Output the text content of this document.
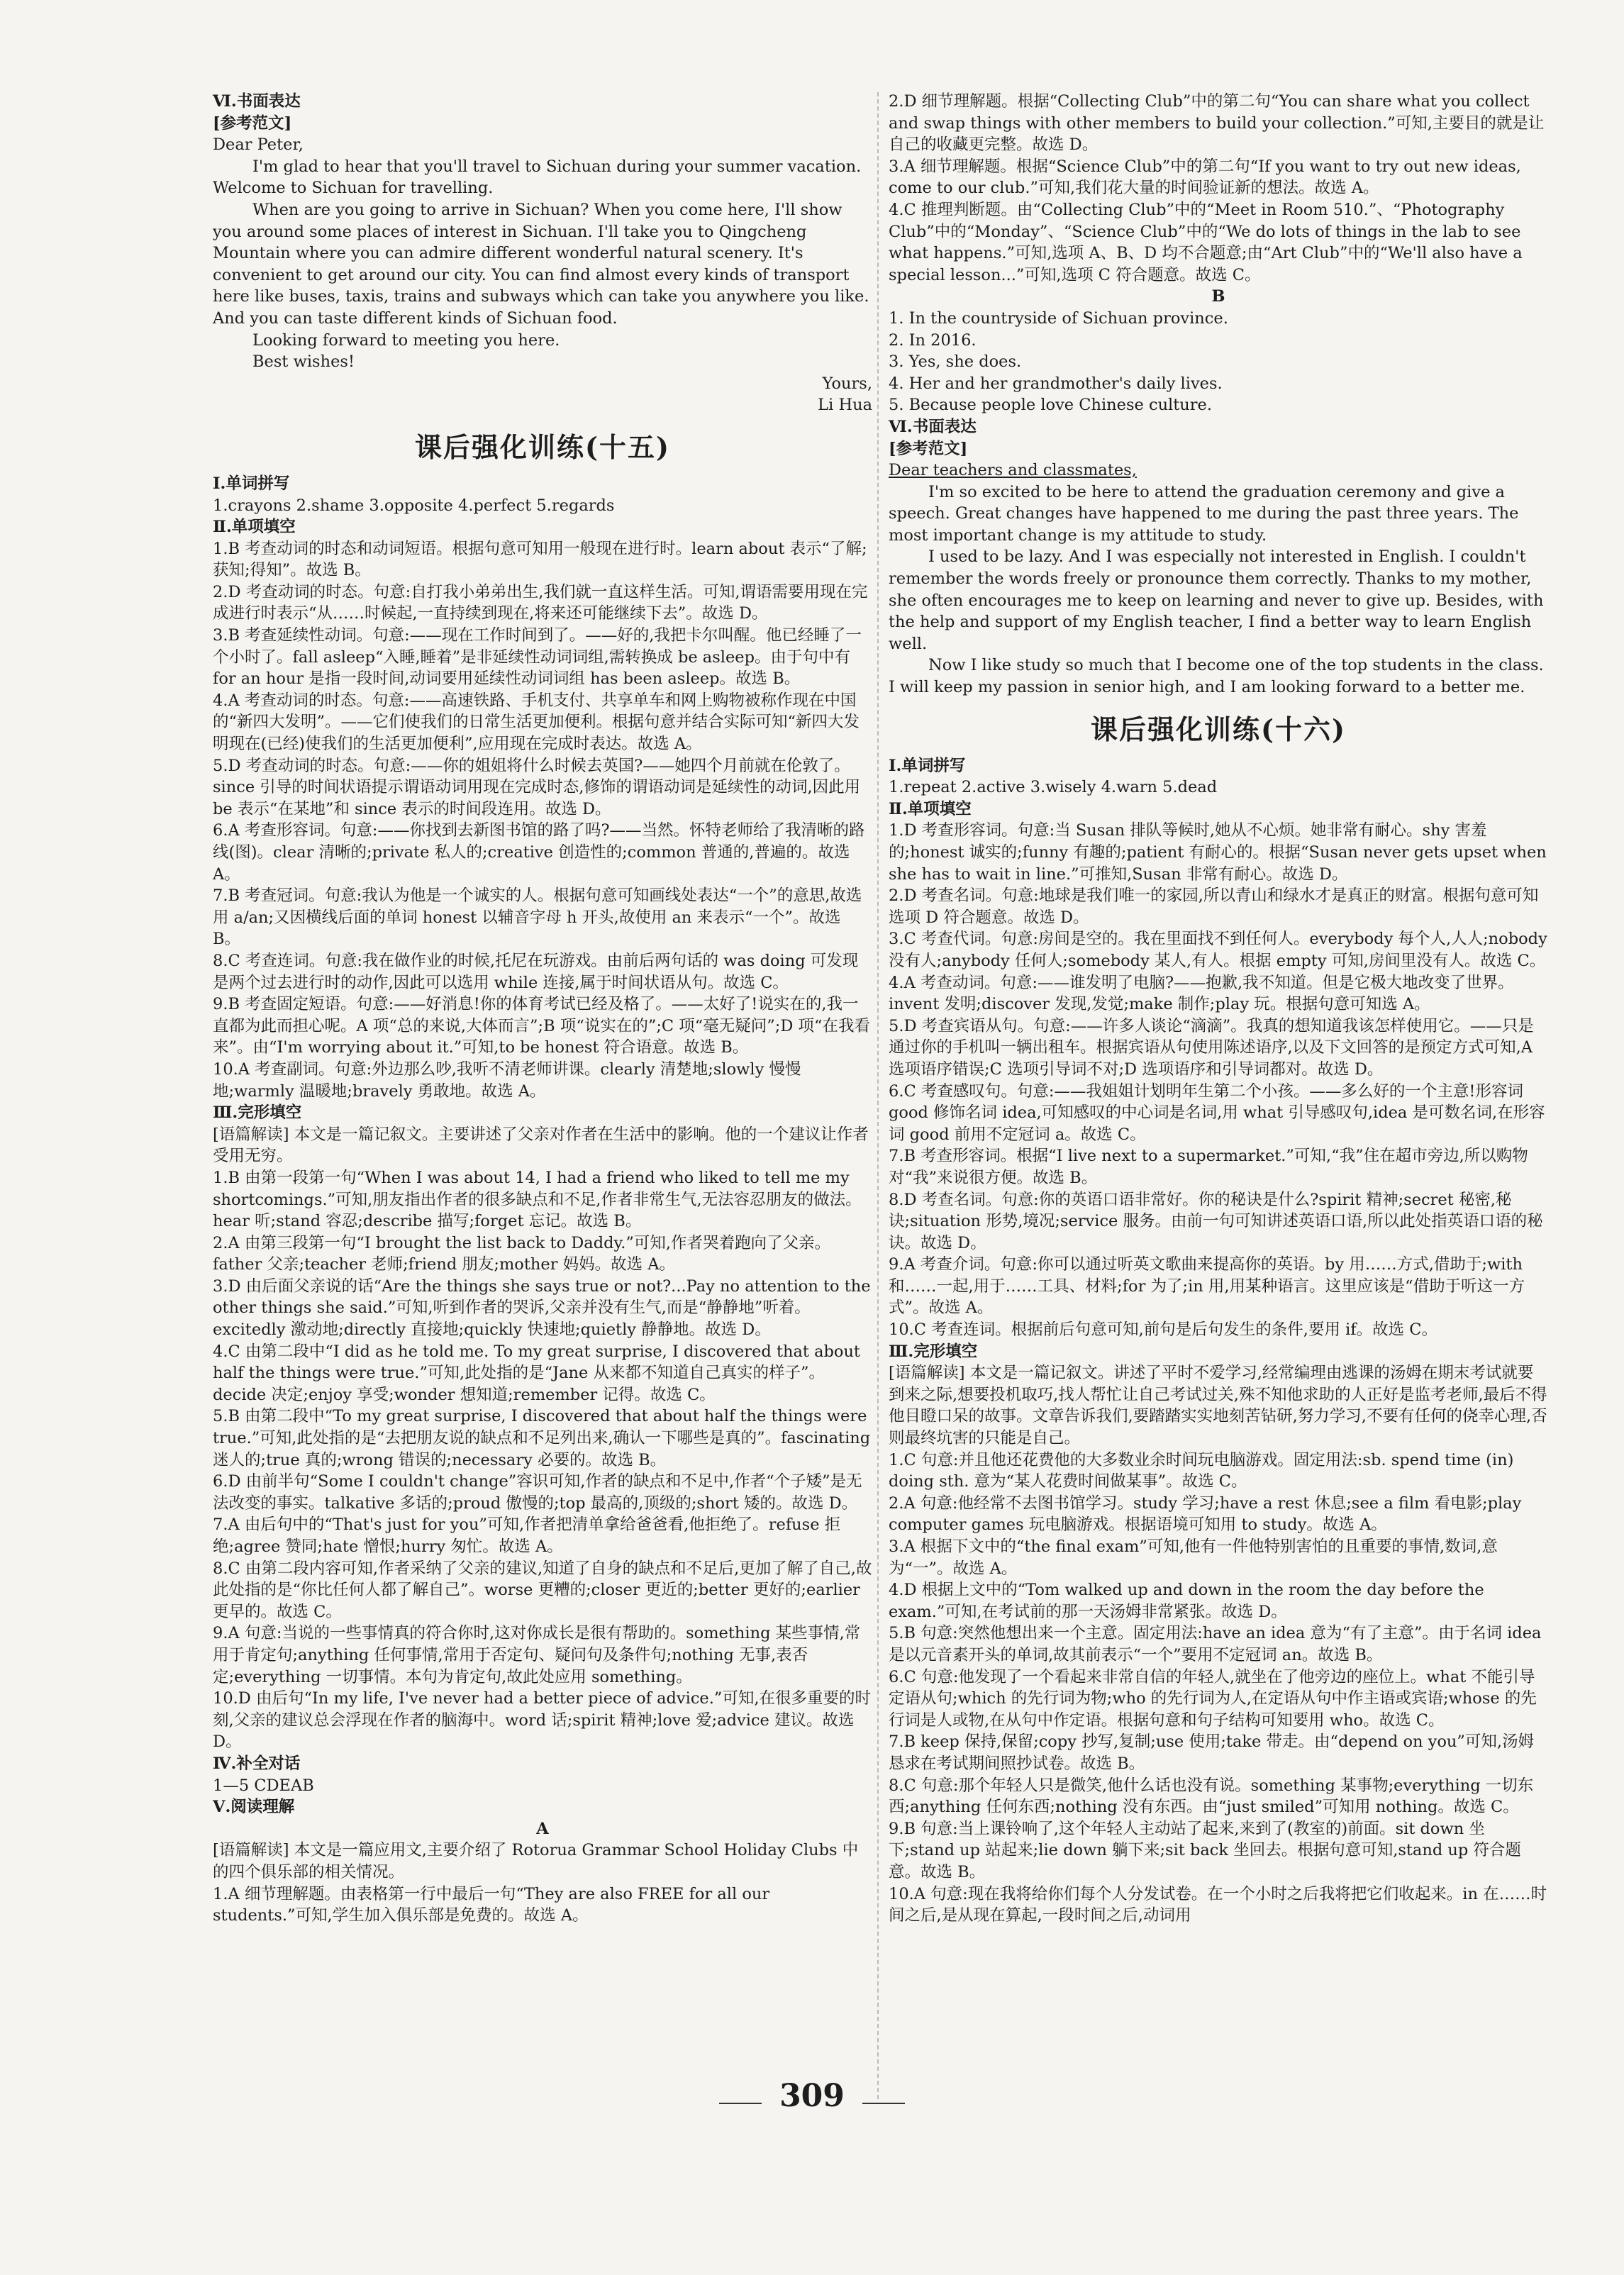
Ⅵ.书面表达

[参考范文]

Dear Peter,

I'm glad to hear that you'll travel to Sichuan during your summer vacation. Welcome to Sichuan for travelling.

When are you going to arrive in Sichuan? When you come here, I'll show you around some places of interest in Sichuan. I'll take you to Qingcheng Mountain where you can admire different wonderful natural scenery. It's convenient to get around our city. You can find almost every kinds of transport here like buses, taxis, trains and subways which can take you anywhere you like. And you can taste different kinds of Sichuan food.

Looking forward to meeting you here.

Best wishes!

Yours,

Li Hua

课后强化训练(十五)

Ⅰ.单词拼写

1.crayons 2.shame 3.opposite 4.perfect 5.regards

Ⅱ.单项填空

1.B 考查动词的时态和动词短语。根据句意可知用一般现在进行时。learn about 表示“了解;获知;得知”。故选 B。

2.D 考查动词的时态。句意:自打我小弟弟出生,我们就一直这样生活。可知,谓语需要用现在完成进行时表示“从……时候起,一直持续到现在,将来还可能继续下去”。故选 D。

3.B 考查延续性动词。句意:——现在工作时间到了。——好的,我把卡尔叫醒。他已经睡了一个小时了。fall asleep“入睡,睡着”是非延续性动词词组,需转换成 be asleep。由于句中有 for an hour 是指一段时间,动词要用延续性动词词组 has been asleep。故选 B。

4.A 考查动词的时态。句意:——高速铁路、手机支付、共享单车和网上购物被称作现在中国的“新四大发明”。——它们使我们的日常生活更加便利。根据句意并结合实际可知“新四大发明现在(已经)使我们的生活更加便利”,应用现在完成时表达。故选 A。

5.D 考查动词的时态。句意:——你的姐姐将什么时候去英国?——她四个月前就在伦敦了。since 引导的时间状语提示谓语动词用现在完成时态,修饰的谓语动词是延续性的动词,因此用 be 表示“在某地”和 since 表示的时间段连用。故选 D。

6.A 考查形容词。句意:——你找到去新图书馆的路了吗?——当然。怀特老师给了我清晰的路线(图)。clear 清晰的;private 私人的;creative 创造性的;common 普通的,普遍的。故选 A。

7.B 考查冠词。句意:我认为他是一个诚实的人。根据句意可知画线处表达“一个”的意思,故选用 a/an;又因横线后面的单词 honest 以辅音字母 h 开头,故使用 an 来表示“一个”。故选 B。

8.C 考查连词。句意:我在做作业的时候,托尼在玩游戏。由前后两句话的 was doing 可发现是两个过去进行时的动作,因此可以选用 while 连接,属于时间状语从句。故选 C。

9.B 考查固定短语。句意:——好消息!你的体育考试已经及格了。——太好了!说实在的,我一直都为此而担心呢。A 项“总的来说,大体而言”;B 项“说实在的”;C 项“毫无疑问”;D 项“在我看来”。由“I'm worrying about it.”可知,to be honest 符合语意。故选 B。

10.A 考查副词。句意:外边那么吵,我听不清老师讲课。clearly 清楚地;slowly 慢慢地;warmly 温暖地;bravely 勇敢地。故选 A。

Ⅲ.完形填空

[语篇解读] 本文是一篇记叙文。主要讲述了父亲对作者在生活中的影响。他的一个建议让作者受用无穷。

1.B 由第一段第一句“When I was about 14, I had a friend who liked to tell me my shortcomings.”可知,朋友指出作者的很多缺点和不足,作者非常生气,无法容忍朋友的做法。hear 听;stand 容忍;describe 描写;forget 忘记。故选 B。

2.A 由第三段第一句“I brought the list back to Daddy.”可知,作者哭着跑向了父亲。father 父亲;teacher 老师;friend 朋友;mother 妈妈。故选 A。

3.D 由后面父亲说的话“Are the things she says true or not?...Pay no attention to the other things she said.”可知,听到作者的哭诉,父亲并没有生气,而是“静静地”听着。excitedly 激动地;directly 直接地;quickly 快速地;quietly 静静地。故选 D。

4.C 由第二段中“I did as he told me. To my great surprise, I discovered that about half the things were true.”可知,此处指的是“Jane 从来都不知道自己真实的样子”。decide 决定;enjoy 享受;wonder 想知道;remember 记得。故选 C。

5.B 由第二段中“To my great surprise, I discovered that about half the things were true.”可知,此处指的是“去把朋友说的缺点和不足列出来,确认一下哪些是真的”。fascinating 迷人的;true 真的;wrong 错误的;necessary 必要的。故选 B。

6.D 由前半句“Some I couldn't change”容识可知,作者的缺点和不足中,作者“个子矮”是无法改变的事实。talkative 多话的;proud 傲慢的;top 最高的,顶级的;short 矮的。故选 D。

7.A 由后句中的“That's just for you”可知,作者把清单拿给爸爸看,他拒绝了。refuse 拒绝;agree 赞同;hate 憎恨;hurry 匆忙。故选 A。

8.C 由第二段内容可知,作者采纳了父亲的建议,知道了自身的缺点和不足后,更加了解了自己,故此处指的是“你比任何人都了解自己”。worse 更糟的;closer 更近的;better 更好的;earlier 更早的。故选 C。

9.A 句意:当说的一些事情真的符合你时,这对你成长是很有帮助的。something 某些事情,常用于肯定句;anything 任何事情,常用于否定句、疑问句及条件句;nothing 无事,表否定;everything 一切事情。本句为肯定句,故此处应用 something。

10.D 由后句“In my life, I've never had a better piece of advice.”可知,在很多重要的时刻,父亲的建议总会浮现在作者的脑海中。word 话;spirit 精神;love 爱;advice 建议。故选 D。

Ⅳ.补全对话

1—5 CDEAB

Ⅴ.阅读理解

A

[语篇解读] 本文是一篇应用文,主要介绍了 Rotorua Grammar School Holiday Clubs 中的四个俱乐部的相关情况。

1.A 细节理解题。由表格第一行中最后一句“They are also FREE for all our students.”可知,学生加入俱乐部是免费的。故选 A。

2.D 细节理解题。根据“Collecting Club”中的第二句“You can share what you collect and swap things with other members to build your collection.”可知,主要目的就是让自己的收藏更完整。故选 D。

3.A 细节理解题。根据“Science Club”中的第二句“If you want to try out new ideas, come to our club.”可知,我们花大量的时间验证新的想法。故选 A。

4.C 推理判断题。由“Collecting Club”中的“Meet in Room 510.”、“Photography Club”中的“Monday”、“Science Club”中的“We do lots of things in the lab to see what happens.”可知,选项 A、B、D 均不合题意;由“Art Club”中的“We'll also have a special lesson...”可知,选项 C 符合题意。故选 C。

B

1. In the countryside of Sichuan province.

2. In 2016.

3. Yes, she does.

4. Her and her grandmother's daily lives.

5. Because people love Chinese culture.

Ⅵ.书面表达

[参考范文]

Dear teachers and classmates,

I'm so excited to be here to attend the graduation ceremony and give a speech. Great changes have happened to me during the past three years. The most important change is my attitude to study.

I used to be lazy. And I was especially not interested in English. I couldn't remember the words freely or pronounce them correctly. Thanks to my mother, she often encourages me to keep on learning and never to give up. Besides, with the help and support of my English teacher, I find a better way to learn English well.

Now I like study so much that I become one of the top students in the class. I will keep my passion in senior high, and I am looking forward to a better me.

课后强化训练(十六)

Ⅰ.单词拼写

1.repeat 2.active 3.wisely 4.warn 5.dead

Ⅱ.单项填空

1.D 考查形容词。句意:当 Susan 排队等候时,她从不心烦。她非常有耐心。shy 害羞的;honest 诚实的;funny 有趣的;patient 有耐心的。根据“Susan never gets upset when she has to wait in line.”可推知,Susan 非常有耐心。故选 D。

2.D 考查名词。句意:地球是我们唯一的家园,所以青山和绿水才是真正的财富。根据句意可知选项 D 符合题意。故选 D。

3.C 考查代词。句意:房间是空的。我在里面找不到任何人。everybody 每个人,人人;nobody 没有人;anybody 任何人;somebody 某人,有人。根据 empty 可知,房间里没有人。故选 C。

4.A 考查动词。句意:——谁发明了电脑?——抱歉,我不知道。但是它极大地改变了世界。invent 发明;discover 发现,发觉;make 制作;play 玩。根据句意可知选 A。

5.D 考查宾语从句。句意:——许多人谈论“滴滴”。我真的想知道我该怎样使用它。——只是通过你的手机叫一辆出租车。根据宾语从句使用陈述语序,以及下文回答的是预定方式可知,A 选项语序错误;C 选项引导词不对;D 选项语序和引导词都对。故选 D。

6.C 考查感叹句。句意:——我姐姐计划明年生第二个小孩。——多么好的一个主意!形容词 good 修饰名词 idea,可知感叹的中心词是名词,用 what 引导感叹句,idea 是可数名词,在形容词 good 前用不定冠词 a。故选 C。

7.B 考查形容词。根据“I live next to a supermarket.”可知,“我”住在超市旁边,所以购物对“我”来说很方便。故选 B。

8.D 考查名词。句意:你的英语口语非常好。你的秘诀是什么?spirit 精神;secret 秘密,秘诀;situation 形势,境况;service 服务。由前一句可知讲述英语口语,所以此处指英语口语的秘诀。故选 D。

9.A 考查介词。句意:你可以通过听英文歌曲来提高你的英语。by 用……方式,借助于;with 和……一起,用于……工具、材料;for 为了;in 用,用某种语言。这里应该是“借助于听这一方式”。故选 A。

10.C 考查连词。根据前后句意可知,前句是后句发生的条件,要用 if。故选 C。

Ⅲ.完形填空

[语篇解读] 本文是一篇记叙文。讲述了平时不爱学习,经常编理由逃课的汤姆在期末考试就要到来之际,想要投机取巧,找人帮忙让自己考试过关,殊不知他求助的人正好是监考老师,最后不得他目瞪口呆的故事。文章告诉我们,要踏踏实实地刻苦钻研,努力学习,不要有任何的侥幸心理,否则最终坑害的只能是自己。

1.C 句意:并且他还花费他的大多数业余时间玩电脑游戏。固定用法:sb. spend time (in) doing sth. 意为“某人花费时间做某事”。故选 C。

2.A 句意:他经常不去图书馆学习。study 学习;have a rest 休息;see a film 看电影;play computer games 玩电脑游戏。根据语境可知用 to study。故选 A。

3.A 根据下文中的“the final exam”可知,他有一件他特别害怕的且重要的事情,数词,意为“一”。故选 A。

4.D 根据上文中的“Tom walked up and down in the room the day before the exam.”可知,在考试前的那一天汤姆非常紧张。故选 D。

5.B 句意:突然他想出来一个主意。固定用法:have an idea 意为“有了主意”。由于名词 idea 是以元音素开头的单词,故其前表示“一个”要用不定冠词 an。故选 B。

6.C 句意:他发现了一个看起来非常自信的年轻人,就坐在了他旁边的座位上。what 不能引导定语从句;which 的先行词为物;who 的先行词为人,在定语从句中作主语或宾语;whose 的先行词是人或物,在从句中作定语。根据句意和句子结构可知要用 who。故选 C。

7.B keep 保持,保留;copy 抄写,复制;use 使用;take 带走。由“depend on you”可知,汤姆恳求在考试期间照抄试卷。故选 B。

8.C 句意:那个年轻人只是微笑,他什么话也没有说。something 某事物;everything 一切东西;anything 任何东西;nothing 没有东西。由“just smiled”可知用 nothing。故选 C。

9.B 句意:当上课铃响了,这个年轻人主动站了起来,来到了(教室的)前面。sit down 坐下;stand up 站起来;lie down 躺下来;sit back 坐回去。根据句意可知,stand up 符合题意。故选 B。

10.A 句意:现在我将给你们每个人分发试卷。在一个小时之后我将把它们收起来。in 在……时间之后,是从现在算起,一段时间之后,动词用

309
